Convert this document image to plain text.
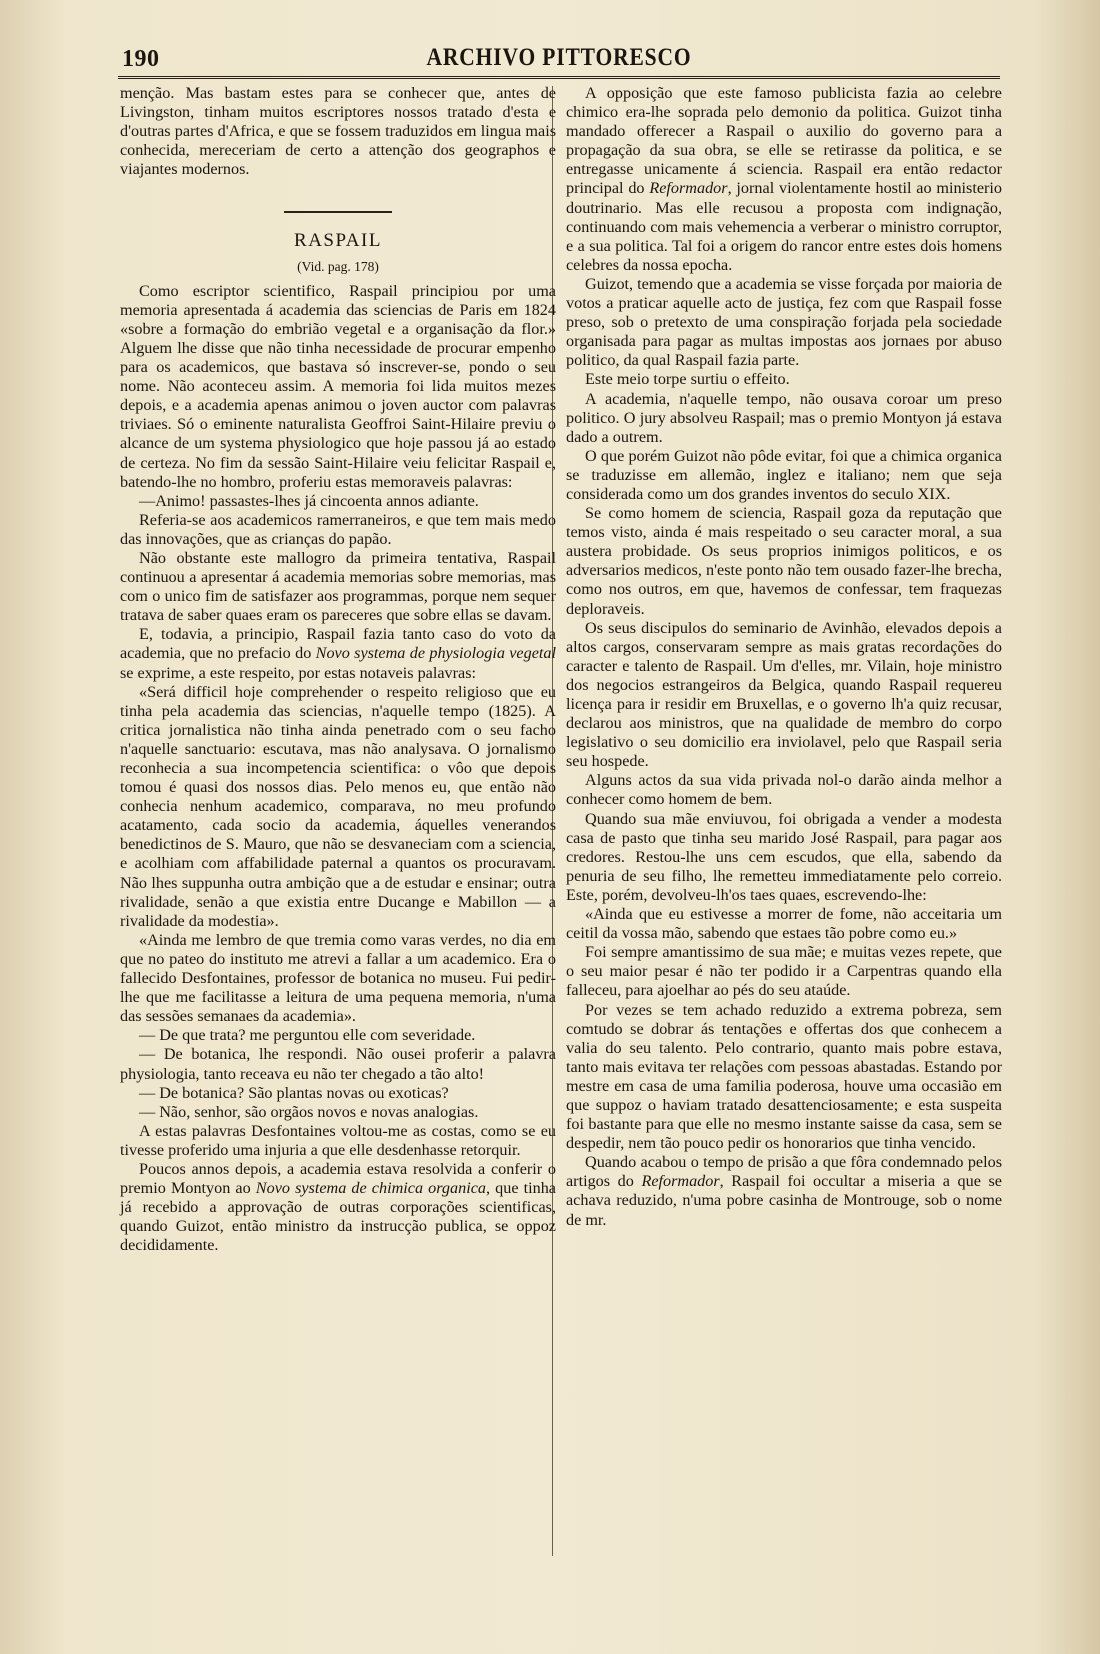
190	ARCHIVO PITTORESCO

menção. Mas bastam estes para se conhecer que, antes de Livingston, tinham muitos escriptores nossos tratado d'esta e d'outras partes d'Africa, e que se fossem traduzidos em lingua mais conhecida, mereceriam de certo a attenção dos geographos e viajantes modernos.

RASPAIL
(Vid. pag. 178)

Como escriptor scientifico, Raspail principiou por uma memoria apresentada á academia das sciencias de Paris em 1824 «sobre a formação do embrião vegetal e a organisação da flor.» Alguem lhe disse que não tinha necessidade de procurar empenho para os academicos, que bastava só inscrever-se, pondo o seu nome. Não aconteceu assim. A memoria foi lida muitos mezes depois, e a academia apenas animou o joven auctor com palavras triviaes. Só o eminente naturalista Geoffroi Saint-Hilaire previu o alcance de um systema physiologico que hoje passou já ao estado de certeza. No fim da sessão Saint-Hilaire veiu felicitar Raspail e, batendo-lhe no hombro, proferiu estas memoraveis palavras:

—Animo! passastes-lhes já cincoenta annos adiante.

Referia-se aos academicos ramerraneiros, e que tem mais medo das innovações, que as crianças do papão.

Não obstante este mallogro da primeira tentativa, Raspail continuou a apresentar á academia memorias sobre memorias, mas com o unico fim de satisfazer aos programmas, porque nem sequer tratava de saber quaes eram os pareceres que sobre ellas se davam.

E, todavia, a principio, Raspail fazia tanto caso do voto da academia, que no prefacio do Novo systema de physiologia vegetal se exprime, a este respeito, por estas notaveis palavras:

«Será difficil hoje comprehender o respeito religioso que eu tinha pela academia das sciencias, n'aquelle tempo (1825). A critica jornalistica não tinha ainda penetrado com o seu facho n'aquelle sanctuario: escutava, mas não analysava. O jornalismo reconhecia a sua incompetencia scientifica: o vôo que depois tomou é quasi dos nossos dias. Pelo menos eu, que então não conhecia nenhum academico, comparava, no meu profundo acatamento, cada socio da academia, áquelles venerandos benedictinos de S. Mauro, que não se desvaneciam com a sciencia, e acolhiam com affabilidade paternal a quantos os procuravam. Não lhes suppunha outra ambição que a de estudar e ensinar; outra rivalidade, senão a que existia entre Ducange e Mabillon — a rivalidade da modestia».

«Ainda me lembro de que tremia como varas verdes, no dia em que no pateo do instituto me atrevi a fallar a um academico. Era o fallecido Desfontaines, professor de botanica no museu. Fui pedir-lhe que me facilitasse a leitura de uma pequena memoria, n'uma das sessões semanaes da academia».

— De que trata? me perguntou elle com severidade.

— De botanica, lhe respondi. Não ousei proferir a palavra physiologia, tanto receava eu não ter chegado a tão alto!

— De botanica? São plantas novas ou exoticas?

— Não, senhor, são orgãos novos e novas analogias.

A estas palavras Desfontaines voltou-me as costas, como se eu tivesse proferido uma injuria a que elle desdenhasse retorquir.

Poucos annos depois, a academia estava resolvida a conferir o premio Montyon ao Novo systema de chimica organica, que tinha já recebido a approvação de outras corporações scientificas, quando Guizot, então ministro da instrucção publica, se oppoz decididamente.

A opposição que este famoso publicista fazia ao celebre chimico era-lhe soprada pelo demonio da politica. Guizot tinha mandado offerecer a Raspail o auxilio do governo para a propagação da sua obra, se elle se retirasse da politica, e se entregasse unicamente á sciencia. Raspail era então redactor principal do Reformador, jornal violentamente hostil ao ministerio doutrinario. Mas elle recusou a proposta com indignação, continuando com mais vehemencia a verberar o ministro corruptor, e a sua politica. Tal foi a origem do rancor entre estes dois homens celebres da nossa epocha.

Guizot, temendo que a academia se visse forçada por maioria de votos a praticar aquelle acto de justiça, fez com que Raspail fosse preso, sob o pretexto de uma conspiração forjada pela sociedade organisada para pagar as multas impostas aos jornaes por abuso politico, da qual Raspail fazia parte.

Este meio torpe surtiu o effeito.

A academia, n'aquelle tempo, não ousava coroar um preso politico. O jury absolveu Raspail; mas o premio Montyon já estava dado a outrem.

O que porém Guizot não pôde evitar, foi que a chimica organica se traduzisse em allemão, inglez e italiano; nem que seja considerada como um dos grandes inventos do seculo XIX.

Se como homem de sciencia, Raspail goza da reputação que temos visto, ainda é mais respeitado o seu caracter moral, a sua austera probidade. Os seus proprios inimigos politicos, e os adversarios medicos, n'este ponto não tem ousado fazer-lhe brecha, como nos outros, em que, havemos de confessar, tem fraquezas deploraveis.

Os seus discipulos do seminario de Avinhão, elevados depois a altos cargos, conservaram sempre as mais gratas recordações do caracter e talento de Raspail. Um d'elles, mr. Vilain, hoje ministro dos negocios estrangeiros da Belgica, quando Raspail requereu licença para ir residir em Bruxellas, e o governo lh'a quiz recusar, declarou aos ministros, que na qualidade de membro do corpo legislativo o seu domicilio era inviolavel, pelo que Raspail seria seu hospede.

Alguns actos da sua vida privada nol-o darão ainda melhor a conhecer como homem de bem.

Quando sua mãe enviuvou, foi obrigada a vender a modesta casa de pasto que tinha seu marido José Raspail, para pagar aos credores. Restou-lhe uns cem escudos, que ella, sabendo da penuria de seu filho, lhe remetteu immediatamente pelo correio. Este, porém, devolveu-lh'os taes quaes, escrevendo-lhe:

«Ainda que eu estivesse a morrer de fome, não acceitaria um ceitil da vossa mão, sabendo que estaes tão pobre como eu.»

Foi sempre amantissimo de sua mãe; e muitas vezes repete, que o seu maior pesar é não ter podido ir a Carpentras quando ella falleceu, para ajoelhar ao pés do seu ataúde.

Por vezes se tem achado reduzido a extrema pobreza, sem comtudo se dobrar ás tentações e offertas dos que conhecem a valia do seu talento. Pelo contrario, quanto mais pobre estava, tanto mais evitava ter relações com pessoas abastadas. Estando por mestre em casa de uma familia poderosa, houve uma occasião em que suppoz o haviam tratado desattenciosamente; e esta suspeita foi bastante para que elle no mesmo instante saisse da casa, sem se despedir, nem tão pouco pedir os honorarios que tinha vencido.

Quando acabou o tempo de prisão a que fôra condemnado pelos artigos do Reformador, Raspail foi occultar a miseria a que se achava reduzido, n'uma pobre casinha de Montrouge, sob o nome de mr.
